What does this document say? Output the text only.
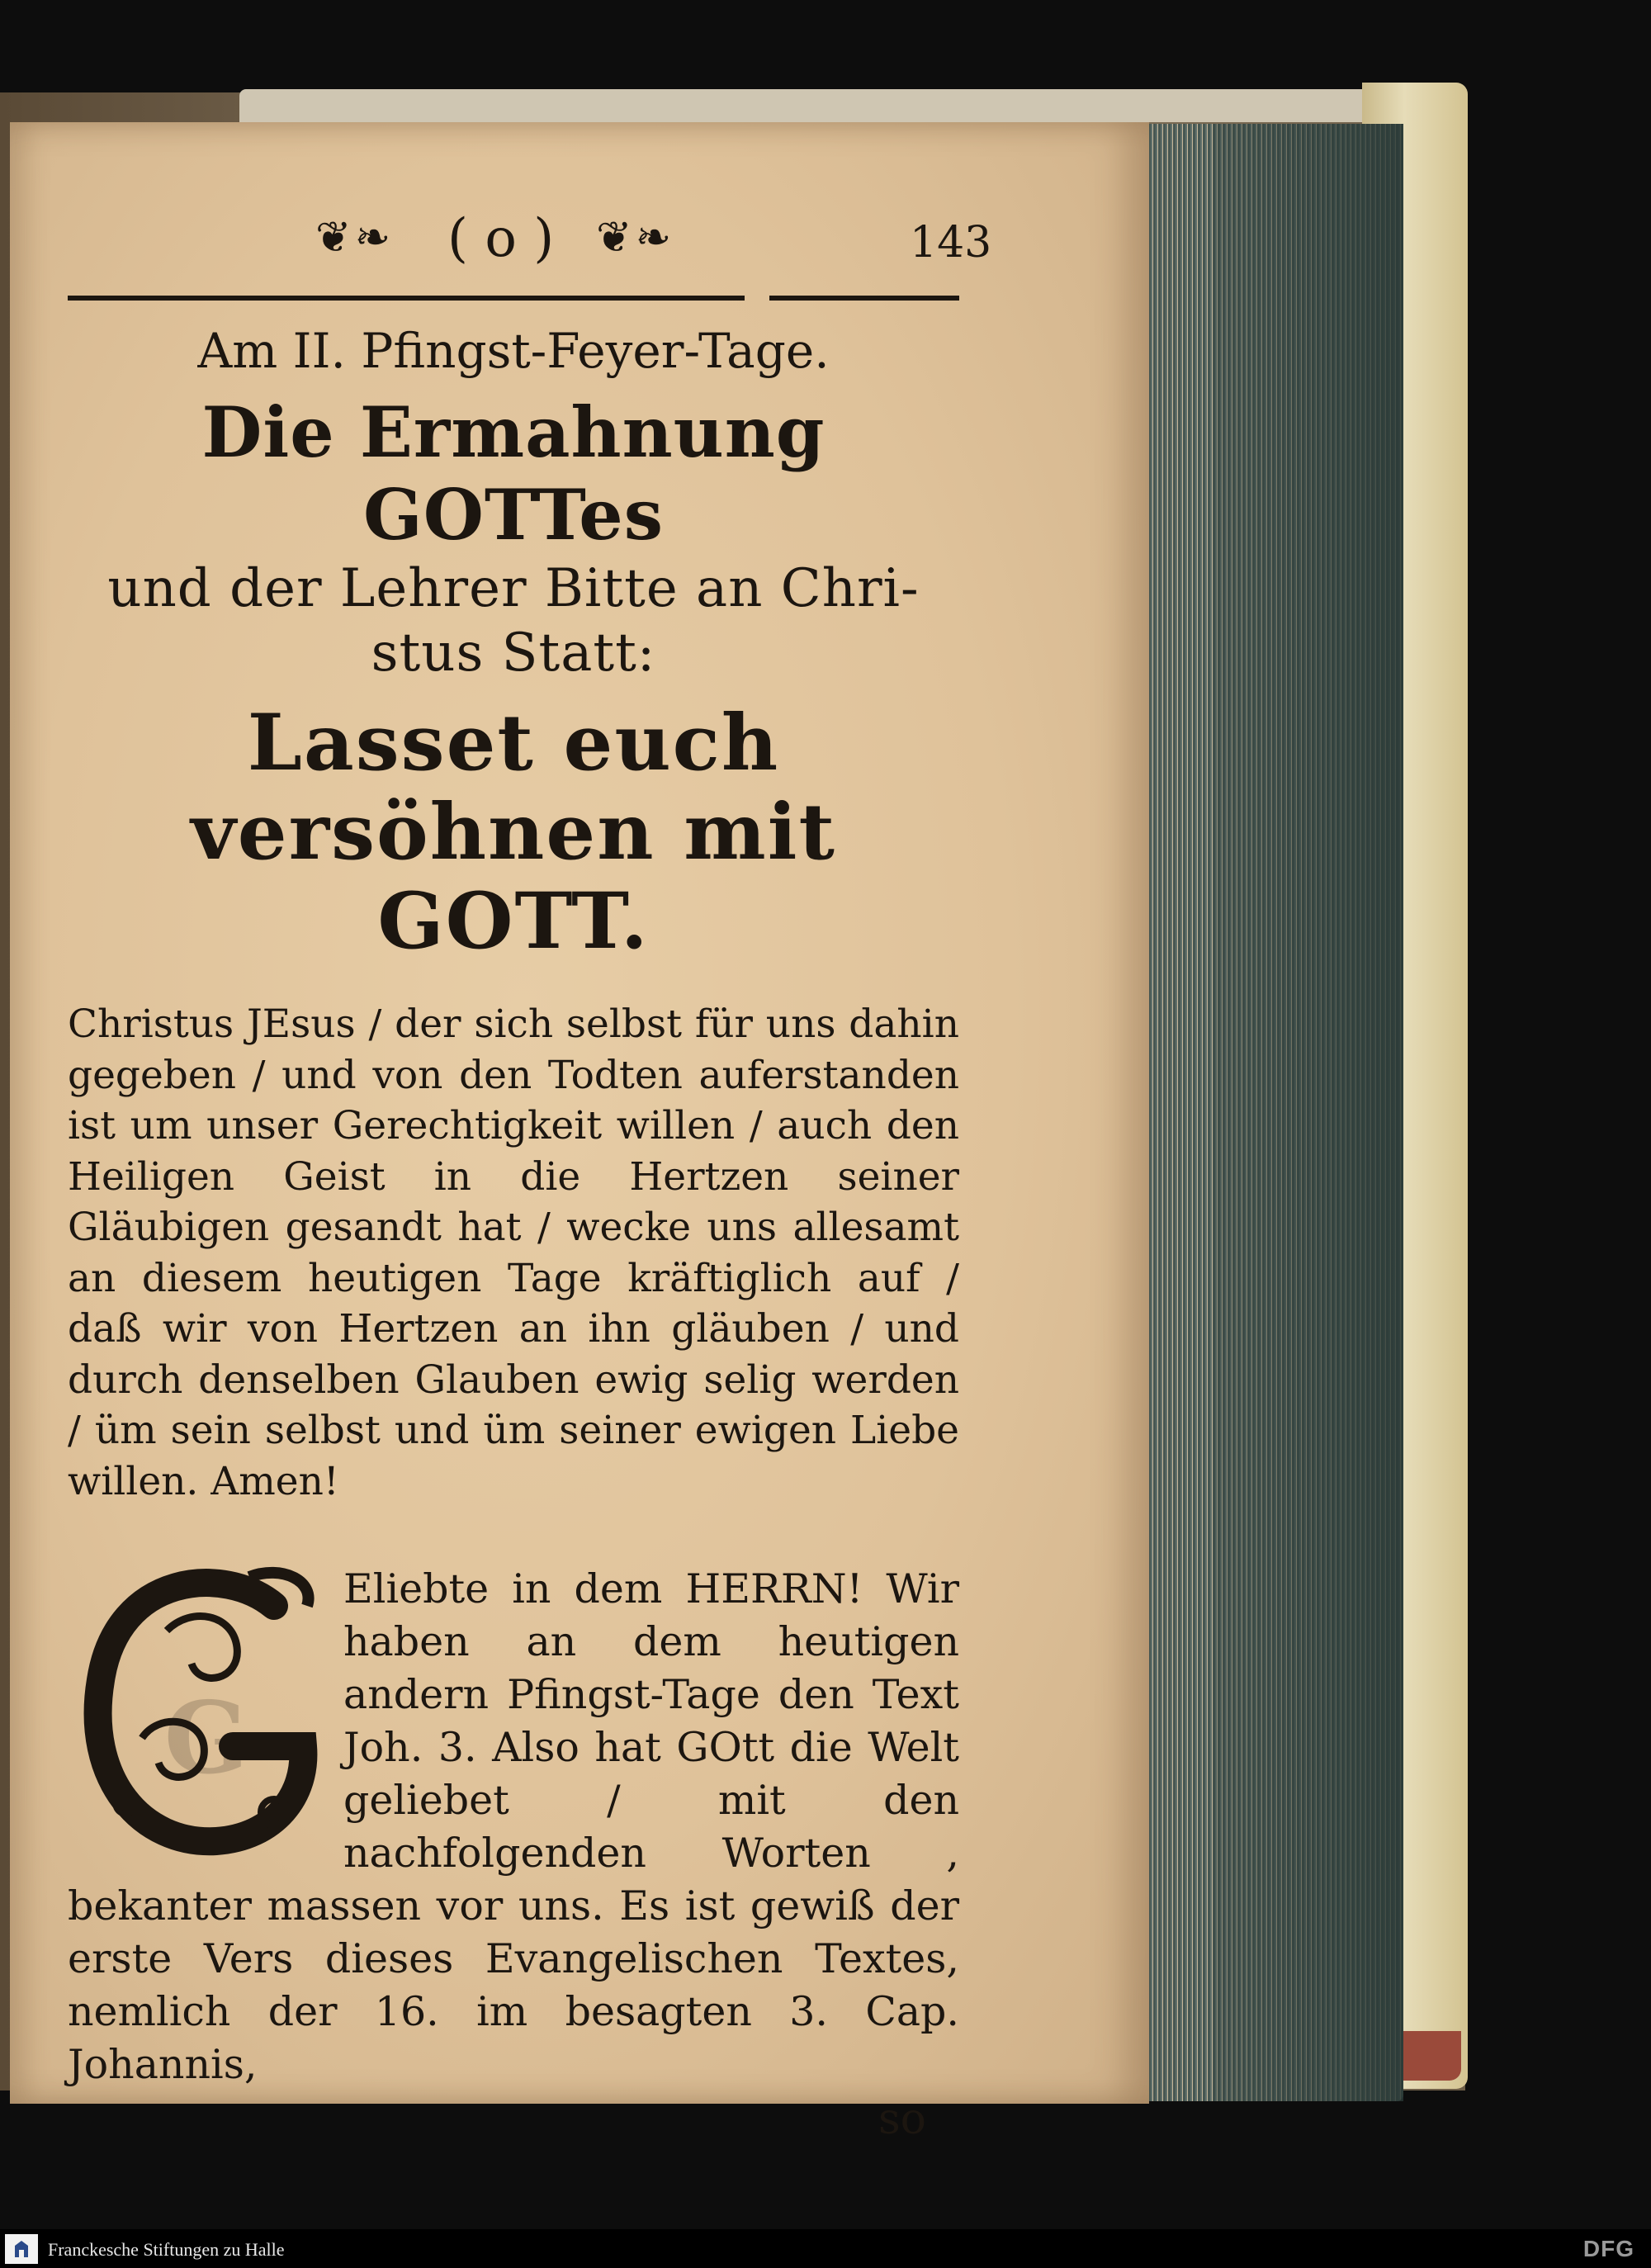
❦❧ ( o ) ❦❧	143
Am II. Pfingst-Feyer-Tage.
Die Ermahnung GOTTes
und der Lehrer Bitte an Chri-
stus Statt:
Lasset euch versöhnen mit GOTT.
Christus JEsus / der sich selbst für uns dahin gegeben / und von den Todten auferstanden ist um unser Gerechtigkeit willen / auch den Heiligen Geist in die Hertzen seiner Gläubigen gesandt hat / wecke uns allesamt an diesem heutigen Tage kräftiglich auf / daß wir von Hertzen an ihn gläuben / und durch denselben Glauben ewig selig werden / üm sein selbst und üm seiner ewigen Liebe willen. Amen!
G
Eliebte in dem HERRN! Wir haben an dem heutigen andern Pfingst-Tage den Text Joh. 3. Also hat GOtt die Welt geliebet / mit den nachfolgenden Worten , bekanter massen vor uns. Es ist gewiß der erste Vers dieses Evangelischen Textes, nemlich der 16. im besagten 3. Cap. Johannis,
so
Franckesche Stiftungen zu Halle	DFG
